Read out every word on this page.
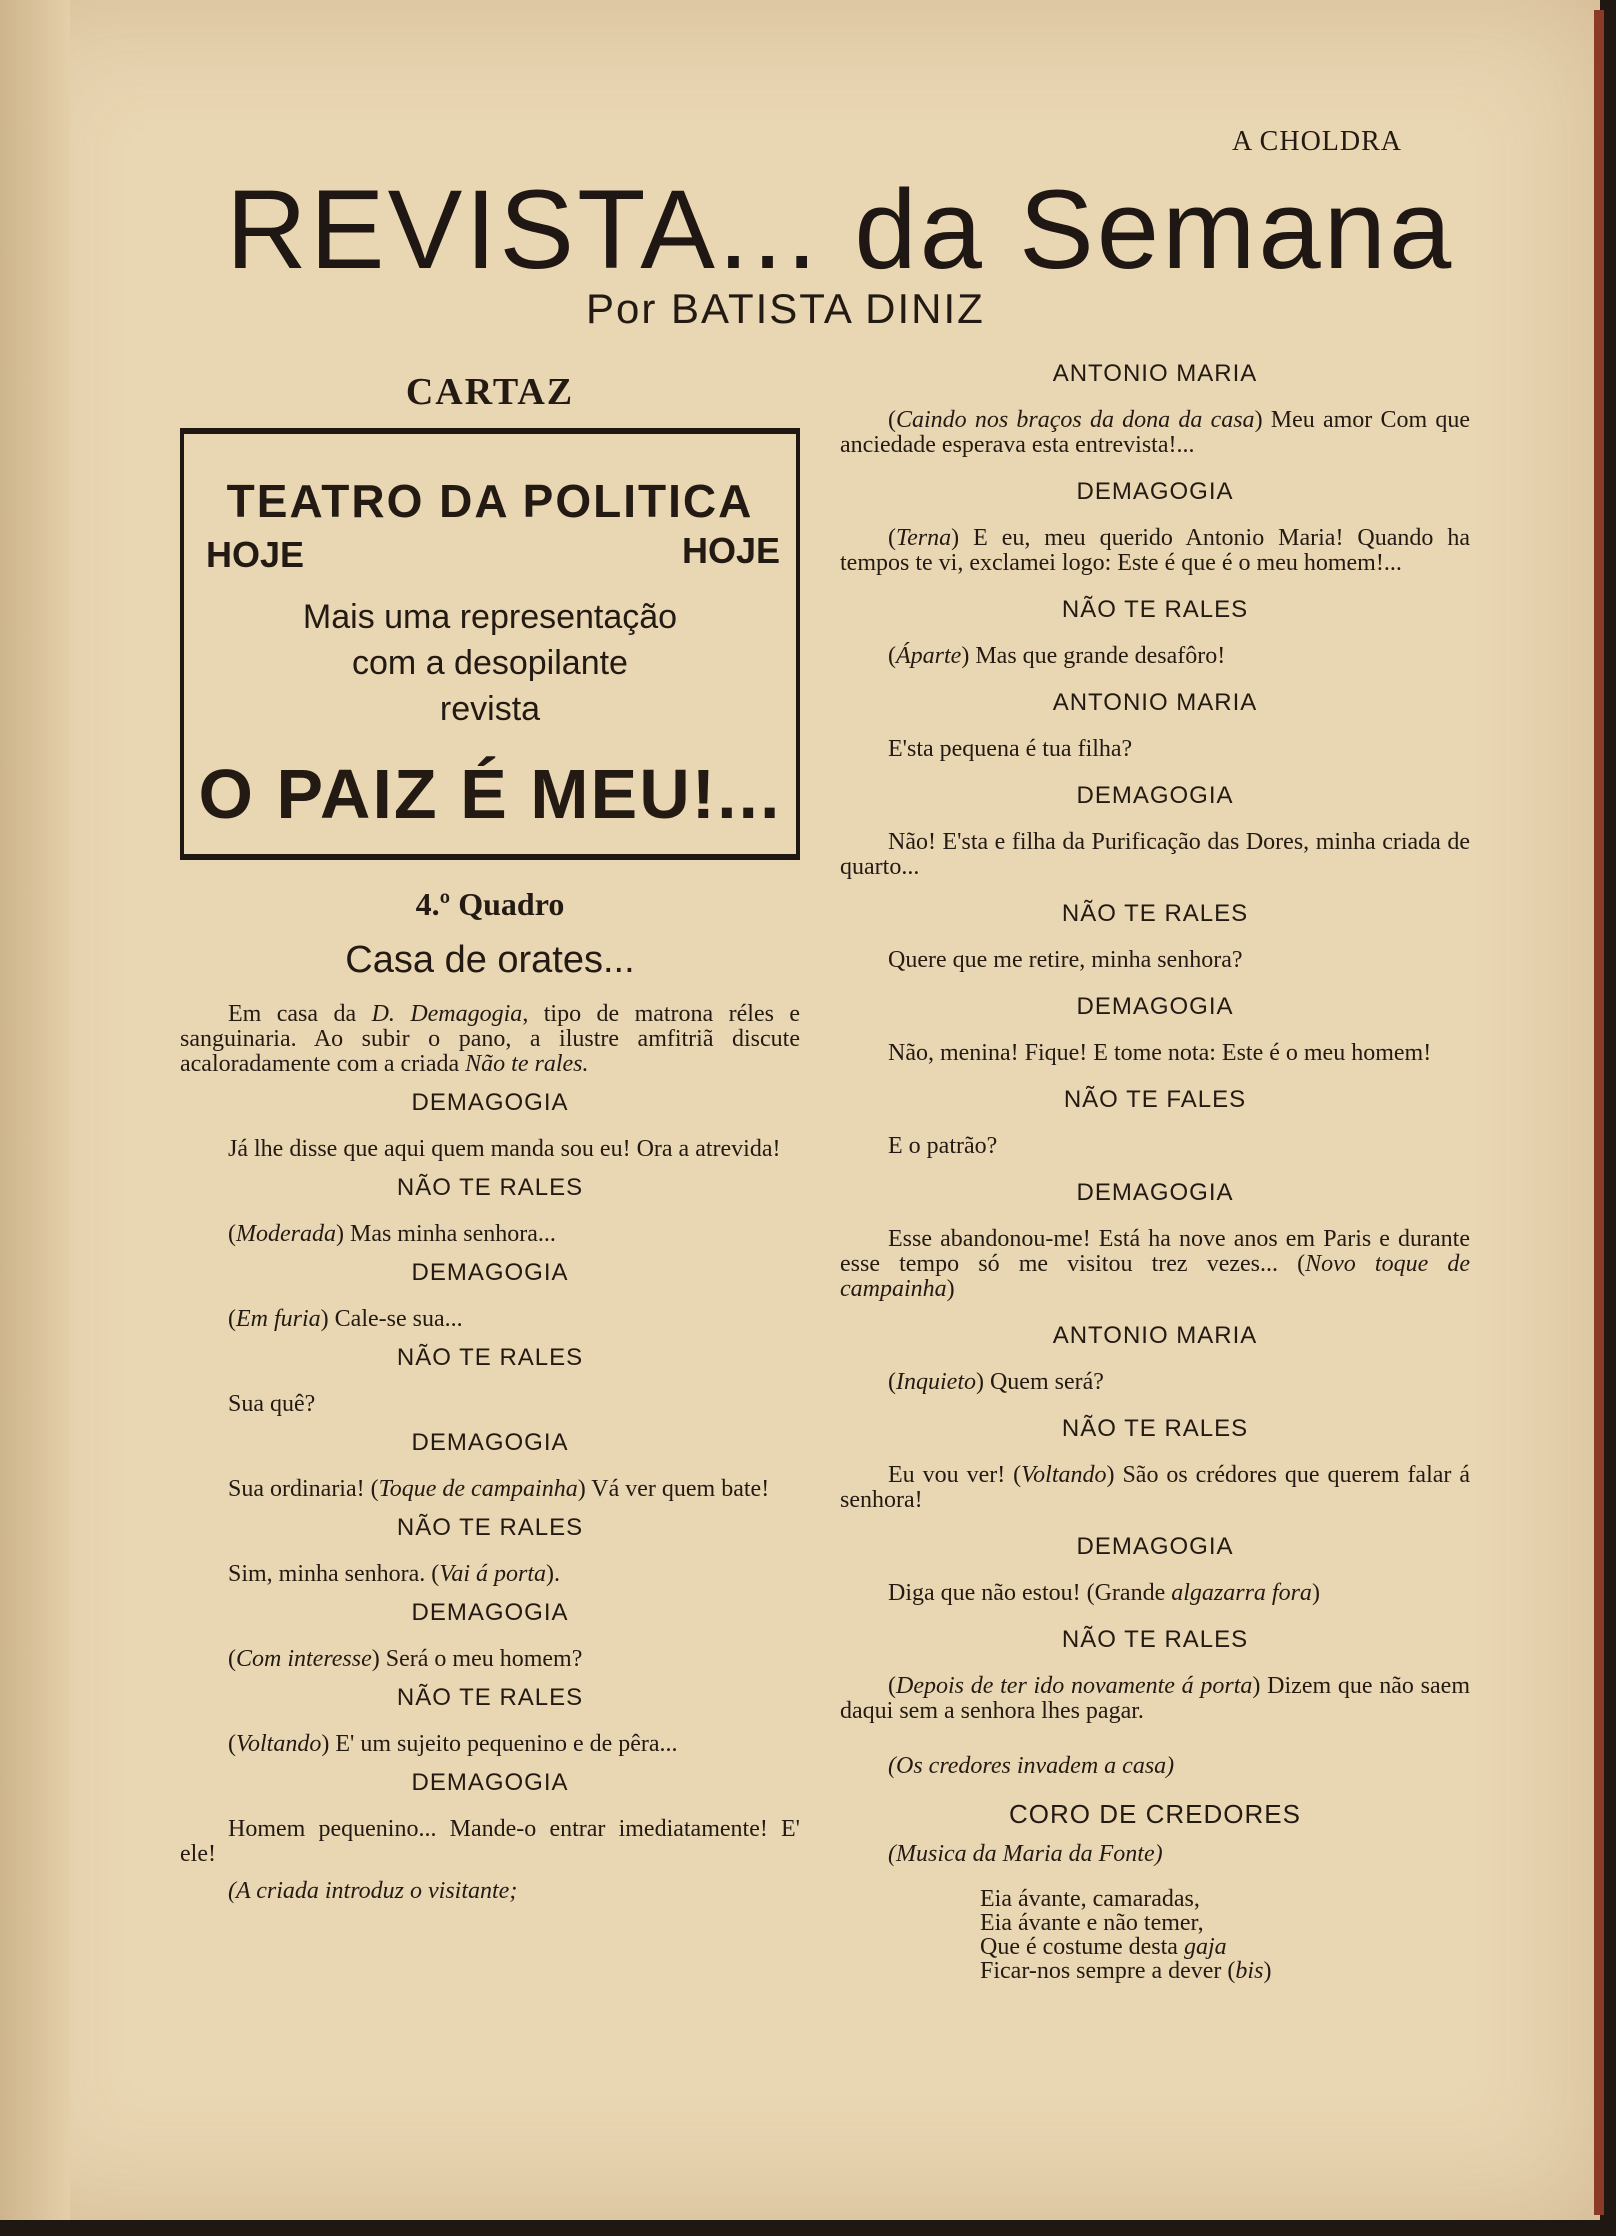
A CHOLDRA
REVISTA... da Semana
Por BATISTA DINIZ
CARTAZ
TEATRO DA POLITICA
HOJE	HOJE
Mais uma representação
com a desopilante
revista
O PAIZ É MEU!...
4.º Quadro
Casa de orates...

Em casa da D. Demagogia, tipo de matrona réles e sanguinaria. Ao subir o pano, a ilustre amfitriã discute acaloradamente com a criada Não te rales.

DEMAGOGIA

Já lhe disse que aqui quem manda sou eu! Ora a atrevida!

NÃO TE RALES

(Moderada) Mas minha senhora...

DEMAGOGIA

(Em furia) Cale-se sua...

NÃO TE RALES

Sua quê?

DEMAGOGIA

Sua ordinaria! (Toque de campainha) Vá ver quem bate!

NÃO TE RALES

Sim, minha senhora. (Vai á porta).

DEMAGOGIA

(Com interesse) Será o meu homem?

NÃO TE RALES

(Voltando) E' um sujeito pequenino e de pêra...

DEMAGOGIA

Homem pequenino... Mande-o entrar imediatamente! E' ele!

(A criada introduz o visitante;

ANTONIO MARIA

(Caindo nos braços da dona da casa) Meu amor Com que anciedade esperava esta entrevista!...

DEMAGOGIA

(Terna) E eu, meu querido Antonio Maria! Quando ha tempos te vi, exclamei logo: Este é que é o meu homem!...

NÃO TE RALES

(Áparte) Mas que grande desafôro!

ANTONIO MARIA

E'sta pequena é tua filha?

DEMAGOGIA

Não! E'sta e filha da Purificação das Dores, minha criada de quarto...

NÃO TE RALES

Quere que me retire, minha senhora?

DEMAGOGIA

Não, menina! Fique! E tome nota: Este é o meu homem!

NÃO TE FALES

E o patrão?

DEMAGOGIA

Esse abandonou-me! Está ha nove anos em Paris e durante esse tempo só me visitou trez vezes... (Novo toque de campainha)

ANTONIO MARIA

(Inquieto) Quem será?

NÃO TE RALES

Eu vou ver! (Voltando) São os crédores que querem falar á senhora!

DEMAGOGIA

Diga que não estou! (Grande algazarra fora)

NÃO TE RALES

(Depois de ter ido novamente á porta) Dizem que não saem daqui sem a senhora lhes pagar.

(Os credores invadem a casa)

CORO DE CREDORES

(Musica da Maria da Fonte)

Eia ávante, camaradas,
Eia ávante e não temer,
Que é costume desta gaja
Ficar-nos sempre a dever (bis)
